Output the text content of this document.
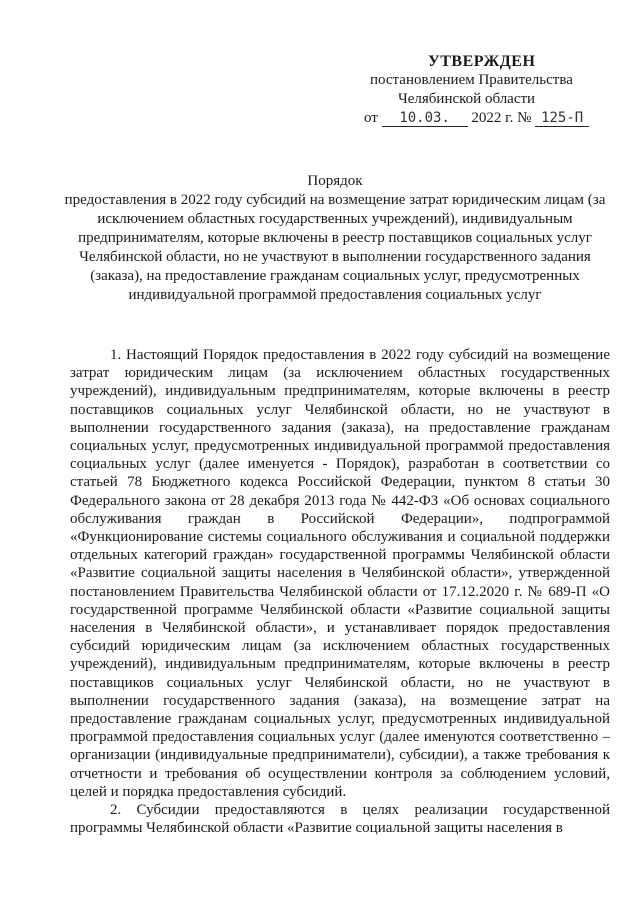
УТВЕРЖДЕН
постановлением Правительства
Челябинской области
от 10.03. 2022 г. № 125-П
Порядок
предоставления в 2022 году субсидий на возмещение затрат юридическим лицам (за исключением областных государственных учреждений), индивидуальным предпринимателям, которые включены в реестр поставщиков социальных услуг Челябинской области, но не участвуют в выполнении государственного задания (заказа), на предоставление гражданам социальных услуг, предусмотренных индивидуальной программой предоставления социальных услуг

1. Настоящий Порядок предоставления в 2022 году субсидий на возмещение затрат юридическим лицам (за исключением областных государственных учреждений), индивидуальным предпринимателям, которые включены в реестр поставщиков социальных услуг Челябинской области, но не участвуют в выполнении государственного задания (заказа), на предоставление гражданам социальных услуг, предусмотренных индивидуальной программой предоставления социальных услуг (далее именуется - Порядок), разработан в соответствии со статьей 78 Бюджетного кодекса Российской Федерации, пунктом 8 статьи 30 Федерального закона от 28 декабря 2013 года № 442-ФЗ «Об основах социального обслуживания граждан в Российской Федерации», подпрограммой «Функционирование системы социального обслуживания и социальной поддержки отдельных категорий граждан» государственной программы Челябинской области «Развитие социальной защиты населения в Челябинской области», утвержденной постановлением Правительства Челябинской области от 17.12.2020 г. № 689-П «О государственной программе Челябинской области «Развитие социальной защиты населения в Челябинской области», и устанавливает порядок предоставления субсидий юридическим лицам (за исключением областных государственных учреждений), индивидуальным предпринимателям, которые включены в реестр поставщиков социальных услуг Челябинской области, но не участвуют в выполнении государственного задания (заказа), на возмещение затрат на предоставление гражданам социальных услуг, предусмотренных индивидуальной программой предоставления социальных услуг (далее именуются соответственно – организации (индивидуальные предприниматели), субсидии), а также требования к отчетности и требования об осуществлении контроля за соблюдением условий, целей и порядка предоставления субсидий.

2. Субсидии предоставляются в целях реализации государственной программы Челябинской области «Развитие социальной защиты населения в
